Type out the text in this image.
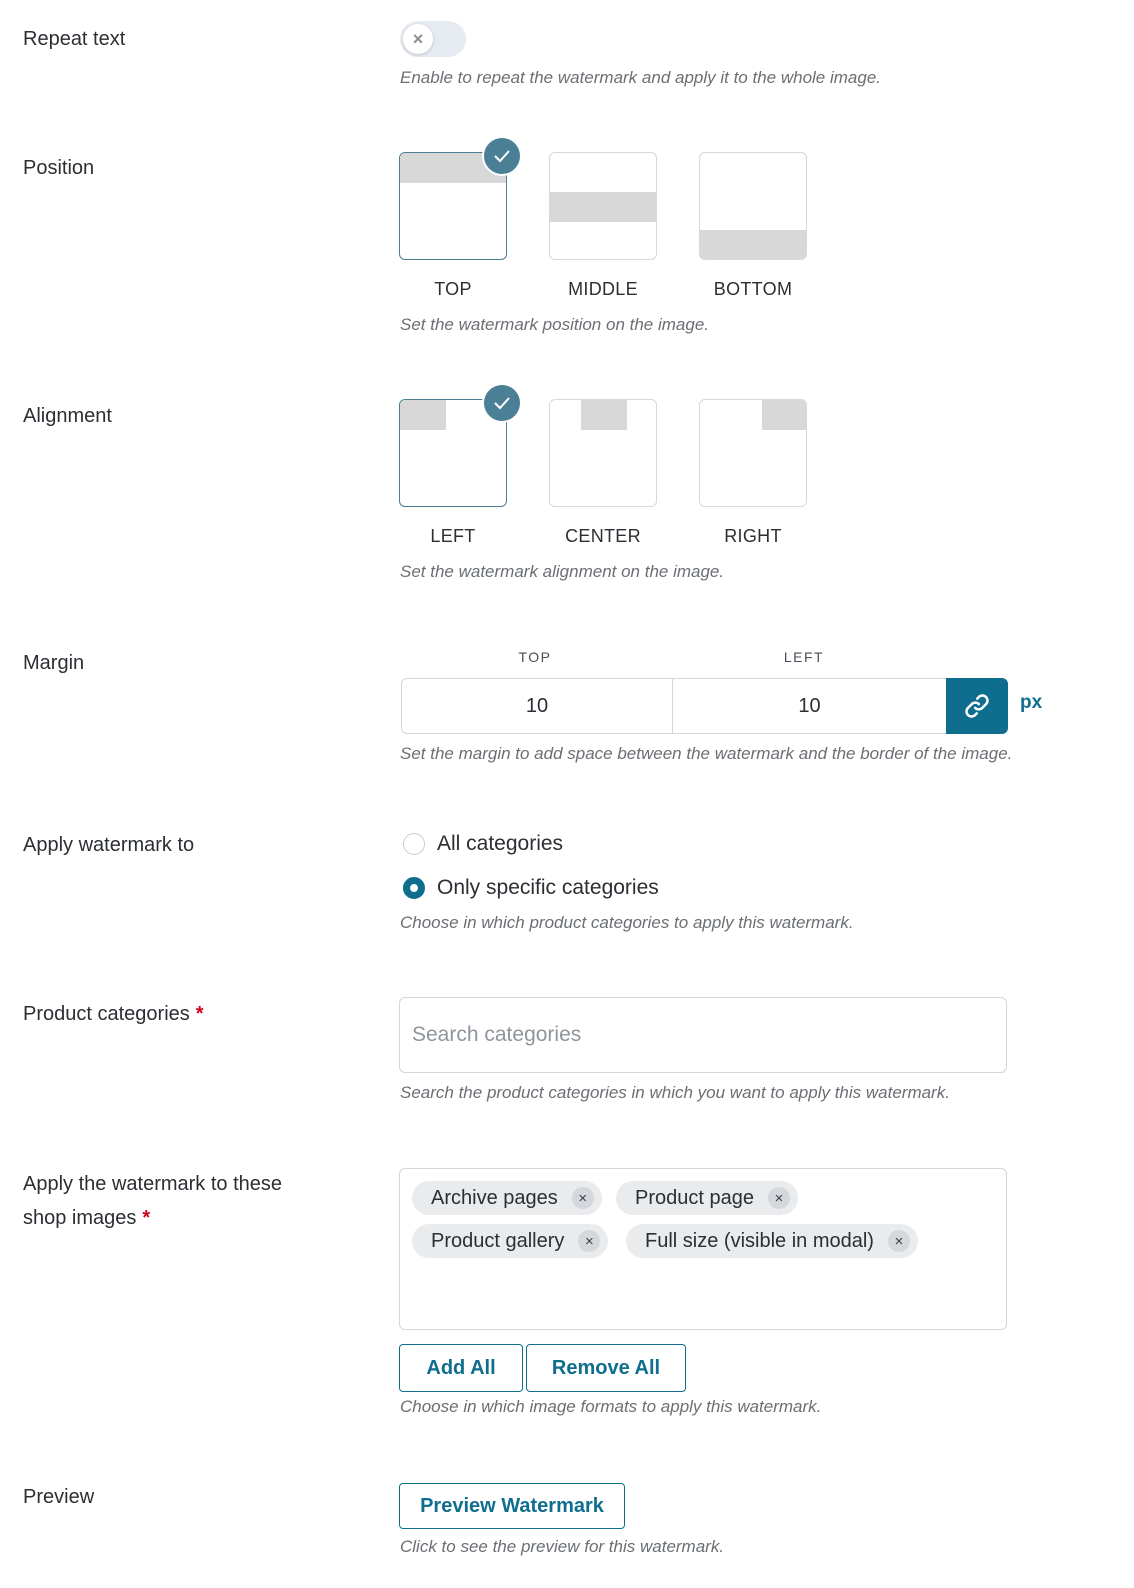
Repeat text	×
Enable to repeat the watermark and apply it to the whole image.
Position
TOP	MIDDLE	BOTTOM
Set the watermark position on the image.
Alignment
LEFT	CENTER	RIGHT
Set the watermark alignment on the image.
Margin	TOP	LEFT
10	10	px
Set the margin to add space between the watermark and the border of the image.
Apply watermark to	All categories
Only specific categories
Choose in which product categories to apply this watermark.
Product categories *
Search categories
Search the product categories in which you want to apply this watermark.
Apply the watermark to these
shop images *
Archive pages	×	Product page	×
Product gallery	×	Full size (visible in modal)	×
Add All	Remove All
Choose in which image formats to apply this watermark.
Preview	Preview Watermark
Click to see the preview for this watermark.
